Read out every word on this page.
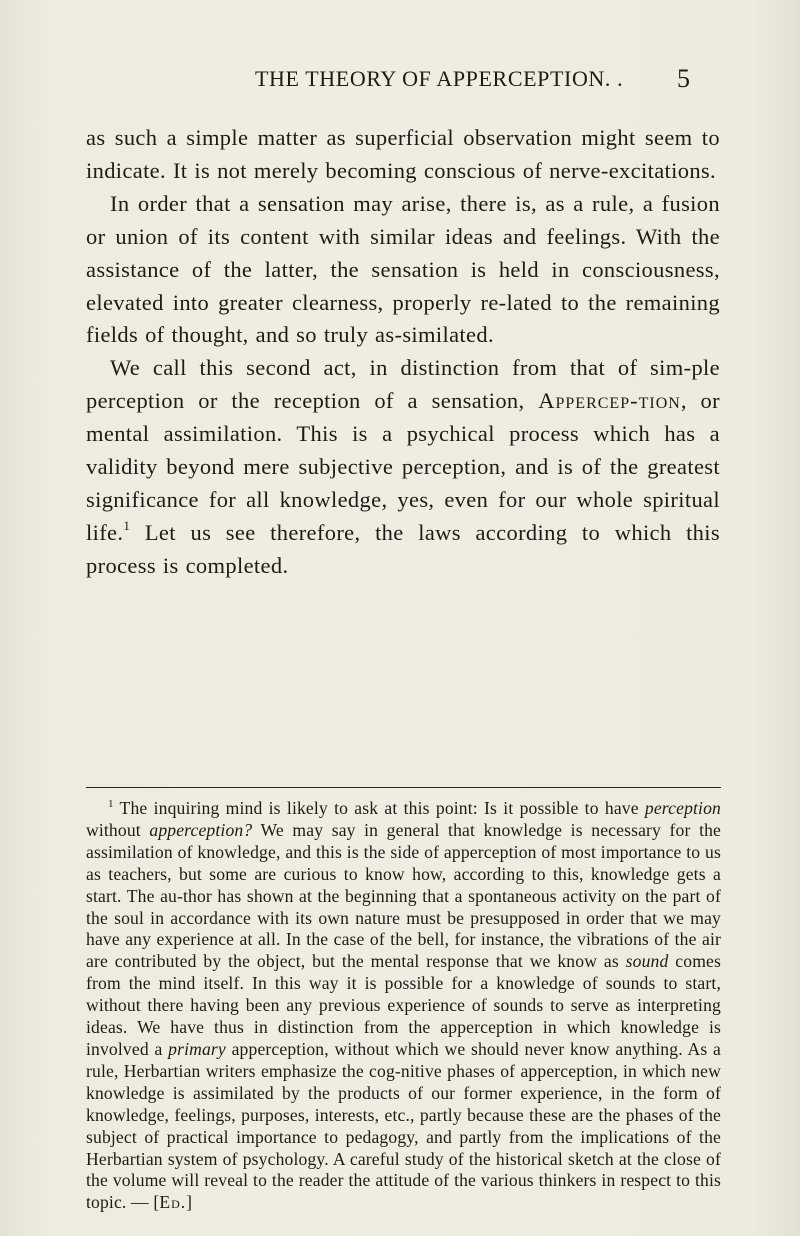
THE THEORY OF APPERCEPTION. . 5

as such a simple matter as superficial observation might seem to indicate. It is not merely becoming conscious of nerve-excitations.

In order that a sensation may arise, there is, as a rule, a fusion or union of its content with similar ideas and feelings. With the assistance of the latter, the sensation is held in consciousness, elevated into greater clearness, properly re-lated to the remaining fields of thought, and so truly as-similated.

We call this second act, in distinction from that of sim-ple perception or the reception of a sensation, Appercep-tion, or mental assimilation. This is a psychical process which has a validity beyond mere subjective perception, and is of the greatest significance for all knowledge, yes, even for our whole spiritual life.$^1$ Let us see therefore, the laws according to which this process is completed.

$^1$ The inquiring mind is likely to ask at this point: Is it possible to have perception without apperception? We may say in general that knowledge is necessary for the assimilation of knowledge, and this is the side of apperception of most importance to us as teachers, but some are curious to know how, according to this, knowledge gets a start. The au-thor has shown at the beginning that a spontaneous activity on the part of the soul in accordance with its own nature must be presupposed in order that we may have any experience at all. In the case of the bell, for instance, the vibrations of the air are contributed by the object, but the mental response that we know as sound comes from the mind itself. In this way it is possible for a knowledge of sounds to start, without there having been any previous experience of sounds to serve as interpreting ideas. We have thus in distinction from the apperception in which knowledge is involved a primary apperception, without which we should never know anything. As a rule, Herbartian writers emphasize the cog-nitive phases of apperception, in which new knowledge is assimilated by the products of our former experience, in the form of knowledge, feelings, purposes, interests, etc., partly because these are the phases of the subject of practical importance to pedagogy, and partly from the implications of the Herbartian system of psychology. A careful study of the historical sketch at the close of the volume will reveal to the reader the attitude of the various thinkers in respect to this topic. — [Ed.]
